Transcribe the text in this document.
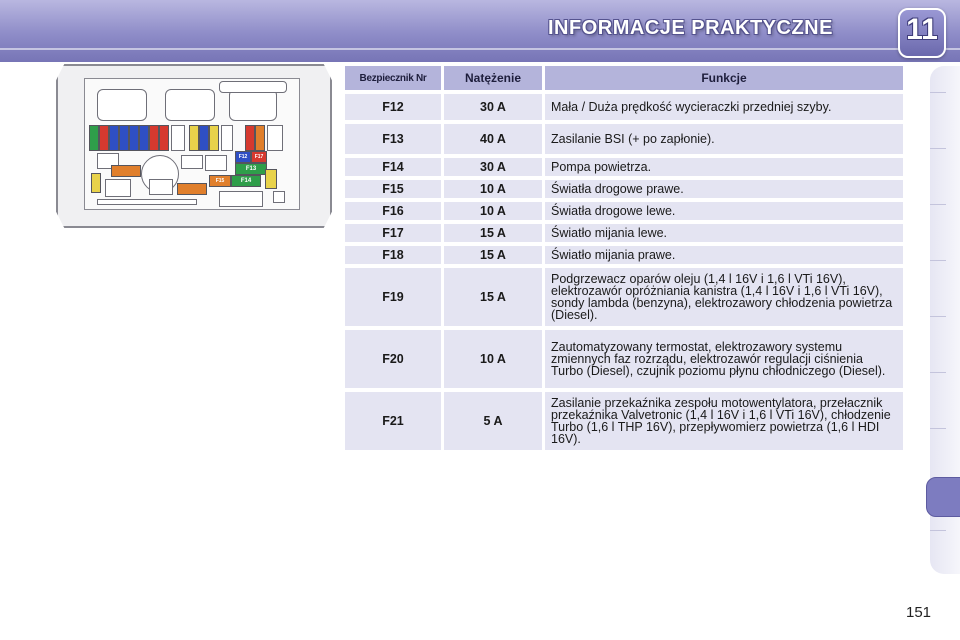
INFORMACJE PRAKTYCZNE 11
F12	F17
F13
F15	F14
Bezpiecznik Nr	Natężenie	Funkcje
F12	30 A	Mała / Duża prędkość wycieraczki przedniej szyby.
F13	40 A	Zasilanie BSI (+ po zapłonie).
F14	30 A	Pompa powietrza.
F15	10 A	Światła drogowe prawe.
F16	10 A	Światła drogowe lewe.
F17	15 A	Światło mijania lewe.
F18	15 A	Światło mijania prawe.
F19	15 A	Podgrzewacz oparów oleju (1,4 l 16V i 1,6 l VTi 16V), elektrozawór opróżniania kanistra (1,4 l 16V i 1,6 l VTi 16V), sondy lambda (benzyna), elektrozawory chłodzenia powietrza (Diesel).
F20	10 A	Zautomatyzowany termostat, elektrozawory systemu zmiennych faz rozrządu, elektrozawór regulacji ciśnienia Turbo (Diesel), czujnik poziomu płynu chłodniczego (Diesel).
F21	5 A	Zasilanie przekaźnika zespołu motowentylatora, przełacznik przekaźnika Valvetronic (1,4 l 16V i 1,6 l VTi 16V), chłodzenie Turbo (1,6 l THP 16V), przepływomierz powietrza (1,6 l HDI 16V).
151
